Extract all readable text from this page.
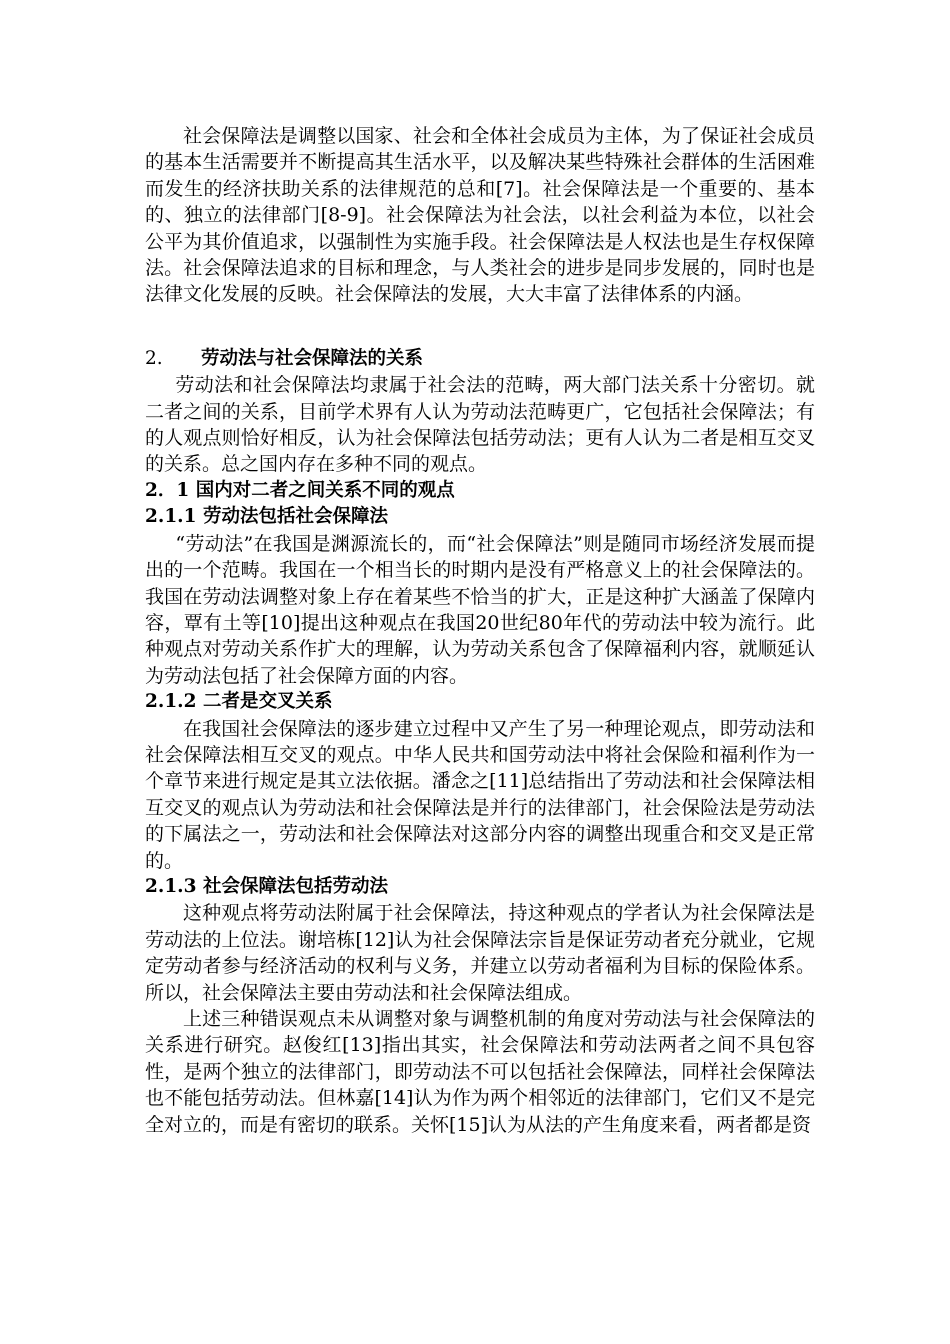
社会保障法是调整以国家、社会和全体社会成员为主体，为了保证社会成员的基本生活需要并不断提高其生活水平，以及解决某些特殊社会群体的生活困难而发生的经济扶助关系的法律规范的总和[7]。社会保障法是一个重要的、基本的、独立的法律部门[8-9]。社会保障法为社会法，以社会利益为本位，以社会公平为其价值追求，以强制性为实施手段。社会保障法是人权法也是生存权保障法。社会保障法追求的目标和理念，与人类社会的进步是同步发展的，同时也是法律文化发展的反映。社会保障法的发展，大大丰富了法律体系的内涵。

2. 劳动法与社会保障法的关系

劳动法和社会保障法均隶属于社会法的范畴，两大部门法关系十分密切。就二者之间的关系，目前学术界有人认为劳动法范畴更广，它包括社会保障法；有的人观点则恰好相反，认为社会保障法包括劳动法；更有人认为二者是相互交叉的关系。总之国内存在多种不同的观点。

2．1 国内对二者之间关系不同的观点

2.1.1 劳动法包括社会保障法

“劳动法”在我国是渊源流长的，而“社会保障法”则是随同市场经济发展而提出的一个范畴。我国在一个相当长的时期内是没有严格意义上的社会保障法的。我国在劳动法调整对象上存在着某些不恰当的扩大，正是这种扩大涵盖了保障内容，覃有土等[10]提出这种观点在我国20世纪80年代的劳动法中较为流行。此种观点对劳动关系作扩大的理解，认为劳动关系包含了保障福利内容，就顺延认为劳动法包括了社会保障方面的内容。

2.1.2 二者是交叉关系

在我国社会保障法的逐步建立过程中又产生了另一种理论观点，即劳动法和社会保障法相互交叉的观点。中华人民共和国劳动法中将社会保险和福利作为一个章节来进行规定是其立法依据。潘念之[11]总结指出了劳动法和社会保障法相互交叉的观点认为劳动法和社会保障法是并行的法律部门，社会保险法是劳动法的下属法之一，劳动法和社会保障法对这部分内容的调整出现重合和交叉是正常的。

2.1.3 社会保障法包括劳动法

这种观点将劳动法附属于社会保障法，持这种观点的学者认为社会保障法是劳动法的上位法。谢培栋[12]认为社会保障法宗旨是保证劳动者充分就业，它规定劳动者参与经济活动的权利与义务，并建立以劳动者福利为目标的保险体系。所以，社会保障法主要由劳动法和社会保障法组成。

上述三种错误观点未从调整对象与调整机制的角度对劳动法与社会保障法的关系进行研究。赵俊红[13]指出其实，社会保障法和劳动法两者之间不具包容性，是两个独立的法律部门，即劳动法不可以包括社会保障法，同样社会保障法也不能包括劳动法。但林嘉[14]认为作为两个相邻近的法律部门，它们又不是完全对立的，而是有密切的联系。关怀[15]认为从法的产生角度来看，两者都是资
